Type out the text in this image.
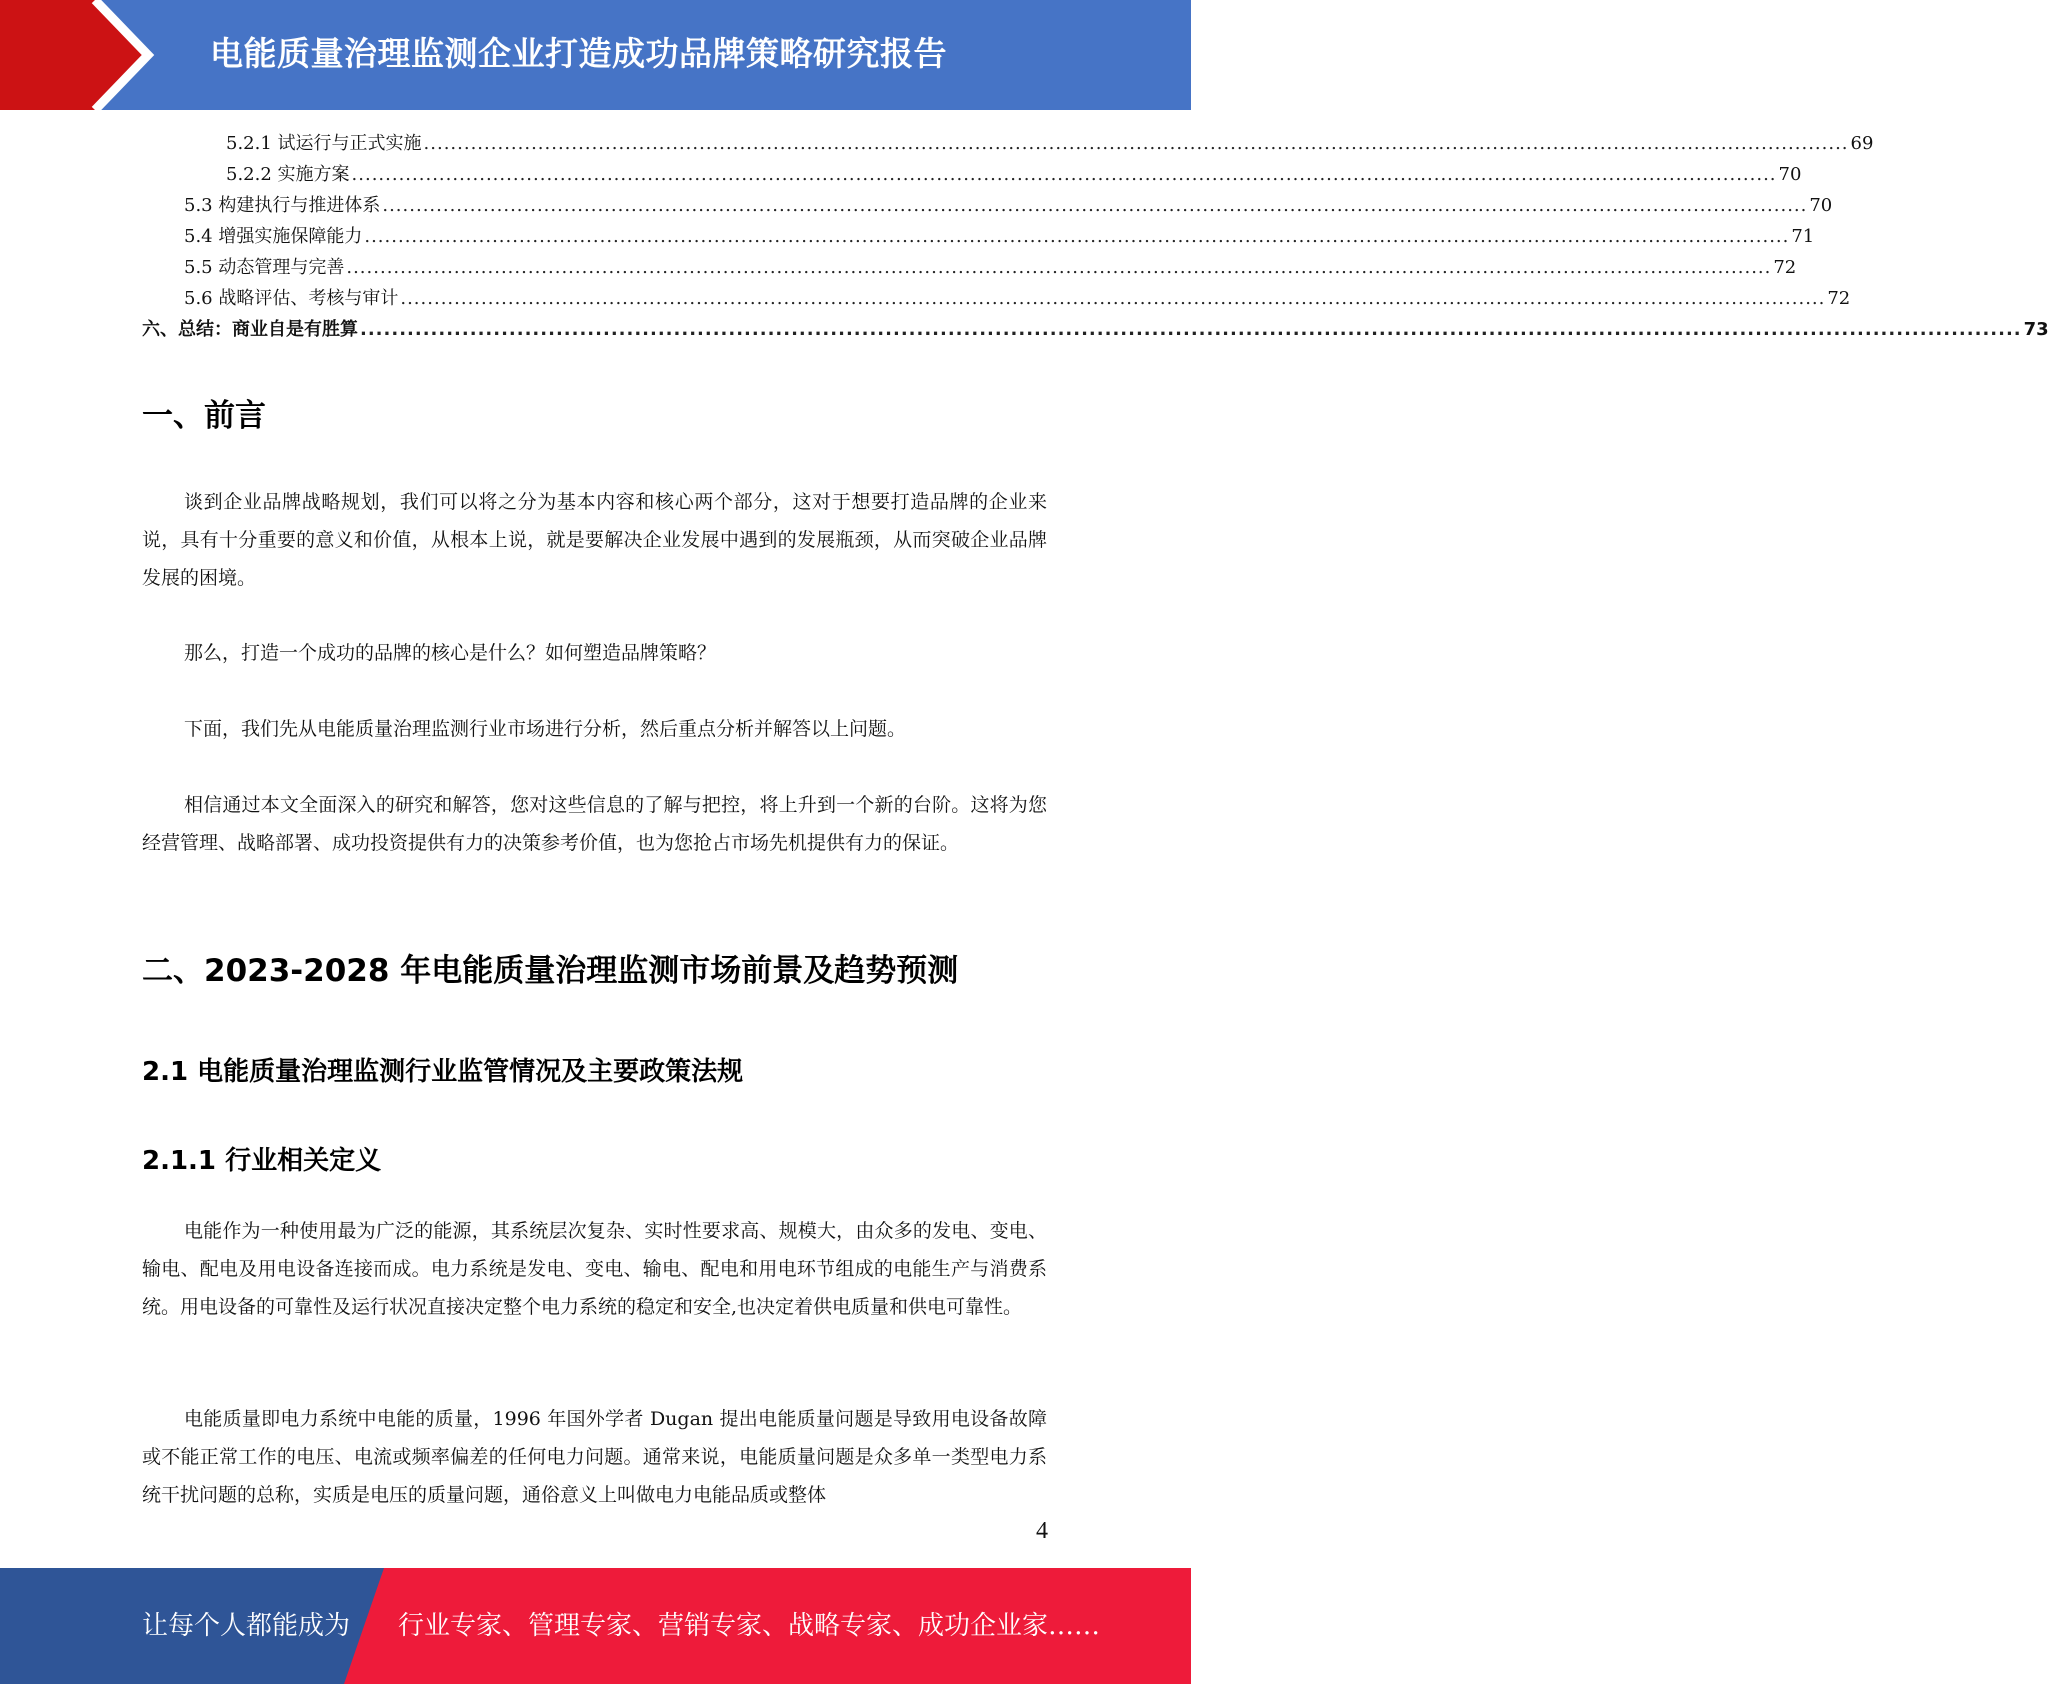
电能质量治理监测企业打造成功品牌策略研究报告
5.2.1 试运行与正式实施 .................................................................................................................................................................................................................... 69
5.2.2 实施方案 .................................................................................................................................................................................................................... 70
5.3 构建执行与推进体系 .................................................................................................................................................................................................................... 70
5.4 增强实施保障能力 .................................................................................................................................................................................................................... 71
5.5 动态管理与完善 .................................................................................................................................................................................................................... 72
5.6 战略评估、考核与审计 .................................................................................................................................................................................................................... 72
六、总结：商业自是有胜算 .................................................................................................................................................................................................................... 73
一、前言
谈到企业品牌战略规划，我们可以将之分为基本内容和核心两个部分，这对于想要打造品牌的企业来说，具有十分重要的意义和价值，从根本上说，就是要解决企业发展中遇到的发展瓶颈，从而突破企业品牌发展的困境。
那么，打造一个成功的品牌的核心是什么？如何塑造品牌策略？
下面，我们先从电能质量治理监测行业市场进行分析，然后重点分析并解答以上问题。
相信通过本文全面深入的研究和解答，您对这些信息的了解与把控，将上升到一个新的台阶。这将为您经营管理、战略部署、成功投资提供有力的决策参考价值，也为您抢占市场先机提供有力的保证。
二、2023-2028 年电能质量治理监测市场前景及趋势预测
2.1 电能质量治理监测行业监管情况及主要政策法规
2.1.1 行业相关定义
电能作为一种使用最为广泛的能源，其系统层次复杂、实时性要求高、规模大，由众多的发电、变电、输电、配电及用电设备连接而成。电力系统是发电、变电、输电、配电和用电环节组成的电能生产与消费系统。用电设备的可靠性及运行状况直接决定整个电力系统的稳定和安全,也决定着供电质量和供电可靠性。
电能质量即电力系统中电能的质量，1996 年国外学者 Dugan 提出电能质量问题是导致用电设备故障或不能正常工作的电压、电流或频率偏差的任何电力问题。通常来说，电能质量问题是众多单一类型电力系统干扰问题的总称，实质是电压的质量问题，通俗意义上叫做电力电能品质或整体
4
让每个人都能成为 行业专家、管理专家、营销专家、战略专家、成功企业家……
